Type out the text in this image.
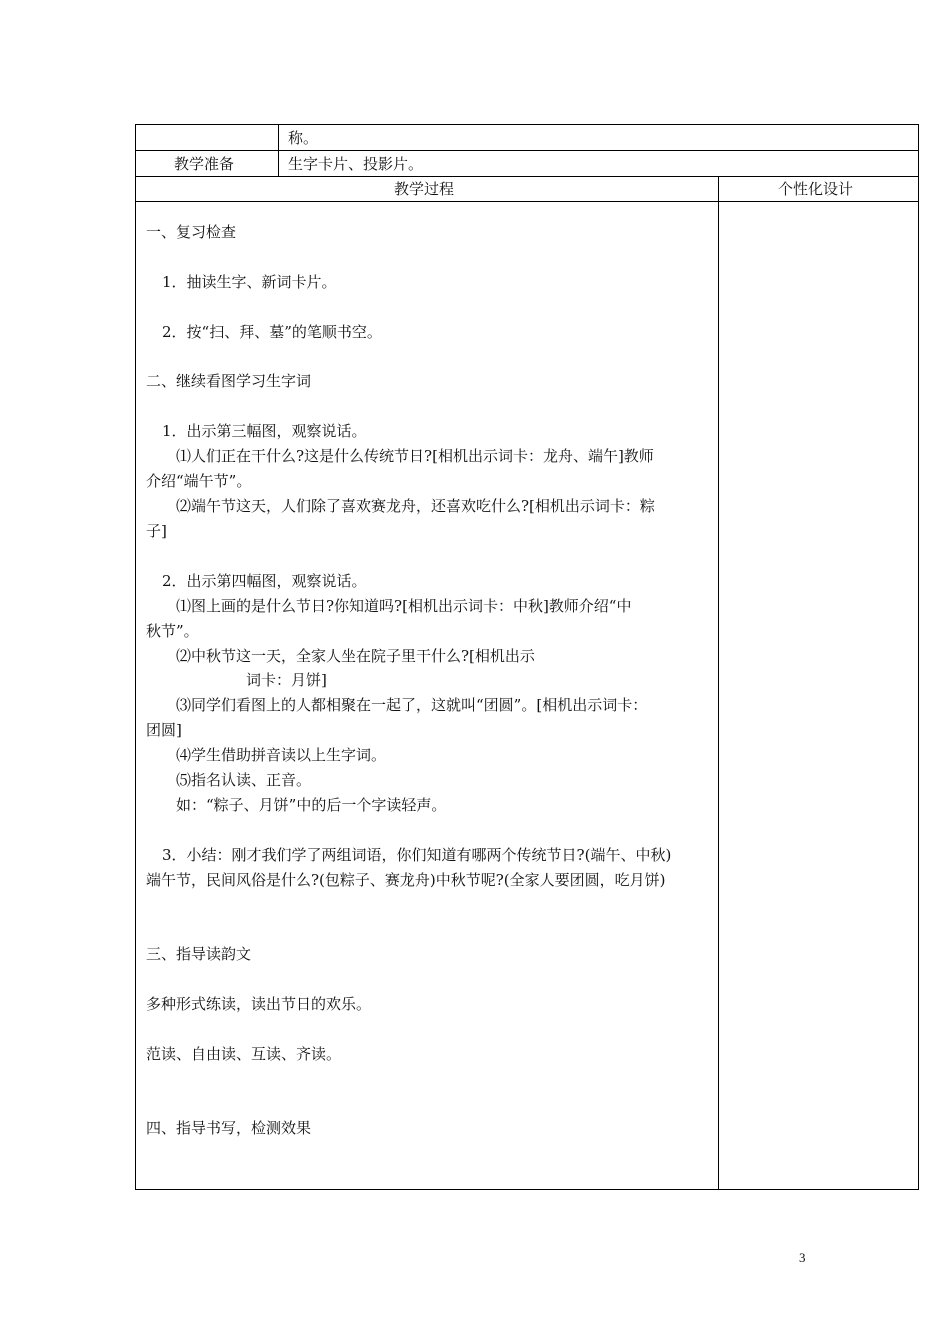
称。
教学准备	生字卡片、投影片。
教学过程	个性化设计
一、复习检查
1．抽读生字、新词卡片。
2．按“扫、拜、墓”的笔顺书空。
二、继续看图学习生字词
1．出示第三幅图，观察说话。
⑴人们正在干什么?这是什么传统节日?[相机出示词卡：龙舟、端午]教师
介绍“端午节”。
⑵端午节这天，人们除了喜欢赛龙舟，还喜欢吃什么?[相机出示词卡：粽
子]
2．出示第四幅图，观察说话。
⑴图上画的是什么节日?你知道吗?[相机出示词卡：中秋]教师介绍“中
秋节”。
⑵中秋节这一天，全家人坐在院子里干什么?[相机出示
词卡：月饼]
⑶同学们看图上的人都相聚在一起了，这就叫“团圆”。[相机出示词卡：
团圆]
⑷学生借助拼音读以上生字词。
⑸指名认读、正音。
如：“粽子、月饼”中的后一个字读轻声。
3．小结：刚才我们学了两组词语，你们知道有哪两个传统节日?(端午、中秋)
端午节，民间风俗是什么?(包粽子、赛龙舟)中秋节呢?(全家人要团圆，吃月饼)
三、指导读韵文
多种形式练读，读出节日的欢乐。
范读、自由读、互读、齐读。
四、指导书写，检测效果
3
